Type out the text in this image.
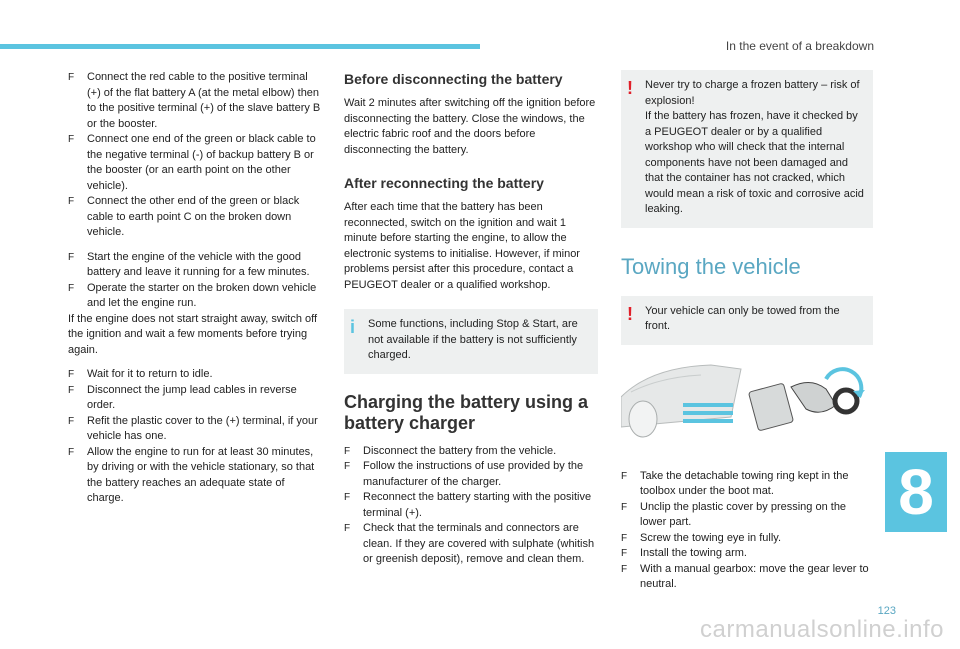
In the event of a breakdown
F	Connect the red cable to the positive terminal (+) of the flat battery A (at the metal elbow) then to the positive terminal (+) of the slave battery B or the booster.
F	Connect one end of the green or black cable to the negative terminal (-) of backup battery B or the booster (or an earth point on the other vehicle).
F	Connect the other end of the green or black cable to earth point C on the broken down vehicle.
F	Start the engine of the vehicle with the good battery and leave it running for a few minutes.
F	Operate the starter on the broken down vehicle and let the engine run.

If the engine does not start straight away, switch off the ignition and wait a few moments before trying again.

F	Wait for it to return to idle.
F	Disconnect the jump lead cables in reverse order.
F	Refit the plastic cover to the (+) terminal, if your vehicle has one.
F	Allow the engine to run for at least 30 minutes, by driving or with the vehicle stationary, so that the battery reaches an adequate state of charge.
Before disconnecting the battery

Wait 2 minutes after switching off the ignition before disconnecting the battery. Close the windows, the electric fabric roof and the doors before disconnecting the battery.

After reconnecting the battery

After each time that the battery has been reconnected, switch on the ignition and wait 1 minute before starting the engine, to allow the electronic systems to initialise. However, if minor problems persist after this procedure, contact a PEUGEOT dealer or a qualified workshop.

i Some functions, including Stop & Start, are not available if the battery is not sufficiently charged.

Charging the battery using a battery charger
F	Disconnect the battery from the vehicle.
F	Follow the instructions of use provided by the manufacturer of the charger.
F	Reconnect the battery starting with the positive terminal (+).
F	Check that the terminals and connectors are clean. If they are covered with sulphate (whitish or greenish deposit), remove and clean them.
! Never try to charge a frozen battery – risk of explosion!

If the battery has frozen, have it checked by a PEUGEOT dealer or by a qualified workshop who will check that the internal components have not been damaged and that the container has not cracked, which would mean a risk of toxic and corrosive acid leaking.

Towing the vehicle
! Your vehicle can only be towed from the front.

F	Take the detachable towing ring kept in the toolbox under the boot mat.
F	Unclip the plastic cover by pressing on the lower part.
F	Screw the towing eye in fully.
F	Install the towing arm.
F	With a manual gearbox: move the gear lever to neutral.
8
123
carmanualsonline.info
